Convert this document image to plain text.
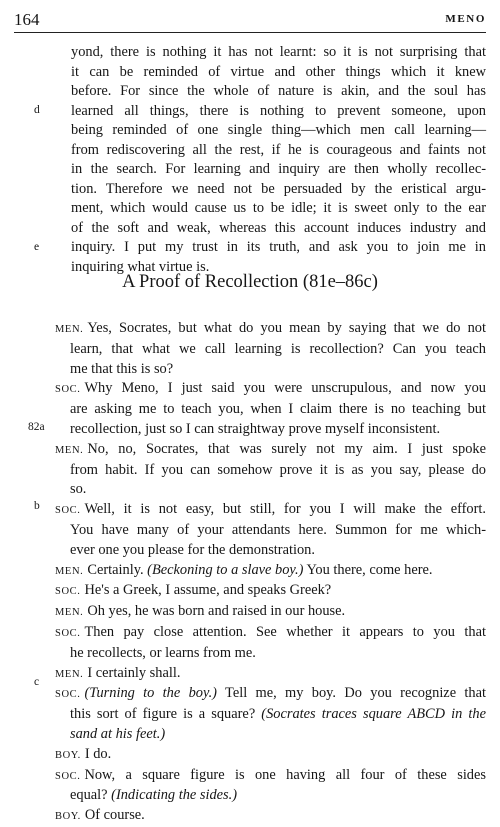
164	MENO
yond, there is nothing it has not learnt: so it is not surprising that
it can be reminded of virtue and other things which it knew
before. For since the whole of nature is akin, and the soul has
learned all things, there is nothing to prevent someone, upon
being reminded of one single thing—which men call learning—
from rediscovering all the rest, if he is courageous and faints not
in the search. For learning and inquiry are then wholly recollec-
tion. Therefore we need not be persuaded by the eristical argu-
ment, which would cause us to be idle; it is sweet only to the ear
of the soft and weak, whereas this account induces industry and
inquiry. I put my trust in its truth, and ask you to join me in
inquiring what virtue is.
d
e
82a
b
c
A Proof of Recollection (81e–86c)
MEN. Yes, Socrates, but what do you mean by saying that we do not
learn, that what we call learning is recollection? Can you teach
me that this is so?
SOC. Why Meno, I just said you were unscrupulous, and now you
are asking me to teach you, when I claim there is no teaching but
recollection, just so I can straightway prove myself inconsistent.
MEN. No, no, Socrates, that was surely not my aim. I just spoke
from habit. If you can somehow prove it is as you say, please do
so.
SOC. Well, it is not easy, but still, for you I will make the effort.
You have many of your attendants here. Summon for me which-
ever one you please for the demonstration.
MEN. Certainly. (Beckoning to a slave boy.) You there, come here.
SOC. He's a Greek, I assume, and speaks Greek?
MEN. Oh yes, he was born and raised in our house.
SOC. Then pay close attention. See whether it appears to you that
he recollects, or learns from me.
MEN. I certainly shall.
SOC. (Turning to the boy.) Tell me, my boy. Do you recognize that
this sort of figure is a square? (Socrates traces square ABCD in the
sand at his feet.)
BOY. I do.
SOC. Now, a square figure is one having all four of these sides
equal? (Indicating the sides.)
BOY. Of course.
